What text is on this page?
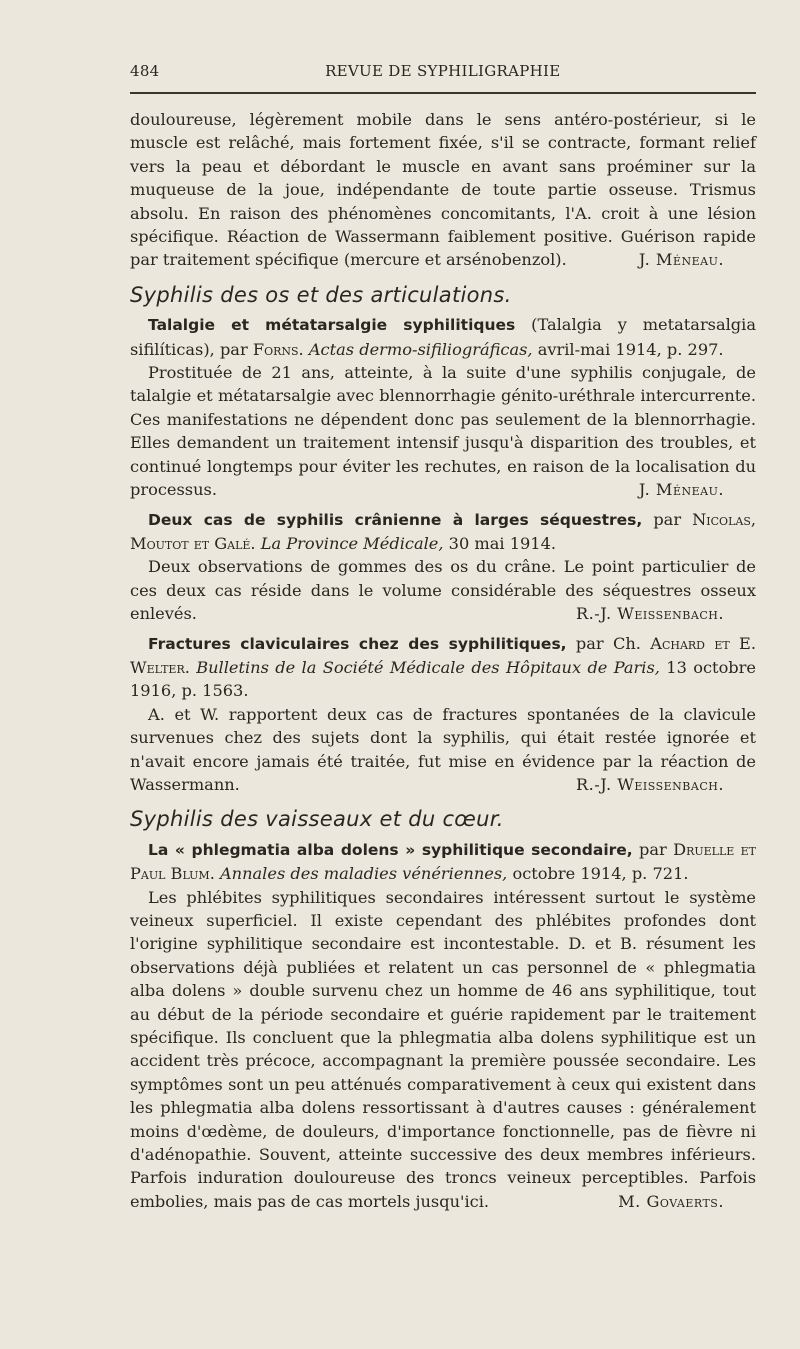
484	REVUE DE SYPHILIGRAPHIE

douloureuse, légèrement mobile dans le sens antéro-postérieur, si le muscle est relâché, mais fortement fixée, s'il se contracte, formant relief vers la peau et débordant le muscle en avant sans proéminer sur la muqueuse de la joue, indépendante de toute partie osseuse. Trismus absolu. En raison des phénomènes concomitants, l'A. croit à une lésion spécifique. Réaction de Wassermann faiblement positive. Guérison rapide par traitement spécifique (mercure et arsénobenzol).	J. Méneau.

Syphilis des os et des articulations.

Talalgie et métatarsalgie syphilitiques (Talalgia y metatarsalgia sifilíticas), par Forns. Actas dermo-sifiliográficas, avril-mai 1914, p. 297.

Prostituée de 21 ans, atteinte, à la suite d'une syphilis conjugale, de talalgie et métatarsalgie avec blennorrhagie génito-uréthrale intercurrente. Ces manifestations ne dépendent donc pas seulement de la blennorrhagie. Elles demandent un traitement intensif jusqu'à disparition des troubles, et continué longtemps pour éviter les rechutes, en raison de la localisation du processus.	J. Méneau.

Deux cas de syphilis crânienne à larges séquestres, par Nicolas, Moutot et Galé. La Province Médicale, 30 mai 1914.

Deux observations de gommes des os du crâne. Le point particulier de ces deux cas réside dans le volume considérable des séquestres osseux enlevés.	R.-J. Weissenbach.

Fractures claviculaires chez des syphilitiques, par Ch. Achard et E. Welter. Bulletins de la Société Médicale des Hôpitaux de Paris, 13 octobre 1916, p. 1563.

A. et W. rapportent deux cas de fractures spontanées de la clavicule survenues chez des sujets dont la syphilis, qui était restée ignorée et n'avait encore jamais été traitée, fut mise en évidence par la réaction de Wassermann.	R.-J. Weissenbach.

Syphilis des vaisseaux et du cœur.

La « phlegmatia alba dolens » syphilitique secondaire, par Druelle et Paul Blum. Annales des maladies vénériennes, octobre 1914, p. 721.

Les phlébites syphilitiques secondaires intéressent surtout le système veineux superficiel. Il existe cependant des phlébites profondes dont l'origine syphilitique secondaire est incontestable. D. et B. résument les observations déjà publiées et relatent un cas personnel de « phlegmatia alba dolens » double survenu chez un homme de 46 ans syphilitique, tout au début de la période secondaire et guérie rapidement par le traitement spécifique. Ils concluent que la phlegmatia alba dolens syphilitique est un accident très précoce, accompagnant la première poussée secondaire. Les symptômes sont un peu atténués comparativement à ceux qui existent dans les phlegmatia alba dolens ressortissant à d'autres causes : généralement moins d'œdème, de douleurs, d'importance fonctionnelle, pas de fièvre ni d'adénopathie. Souvent, atteinte successive des deux membres inférieurs. Parfois induration douloureuse des troncs veineux perceptibles. Parfois embolies, mais pas de cas mortels jusqu'ici.	M. Govaerts.
